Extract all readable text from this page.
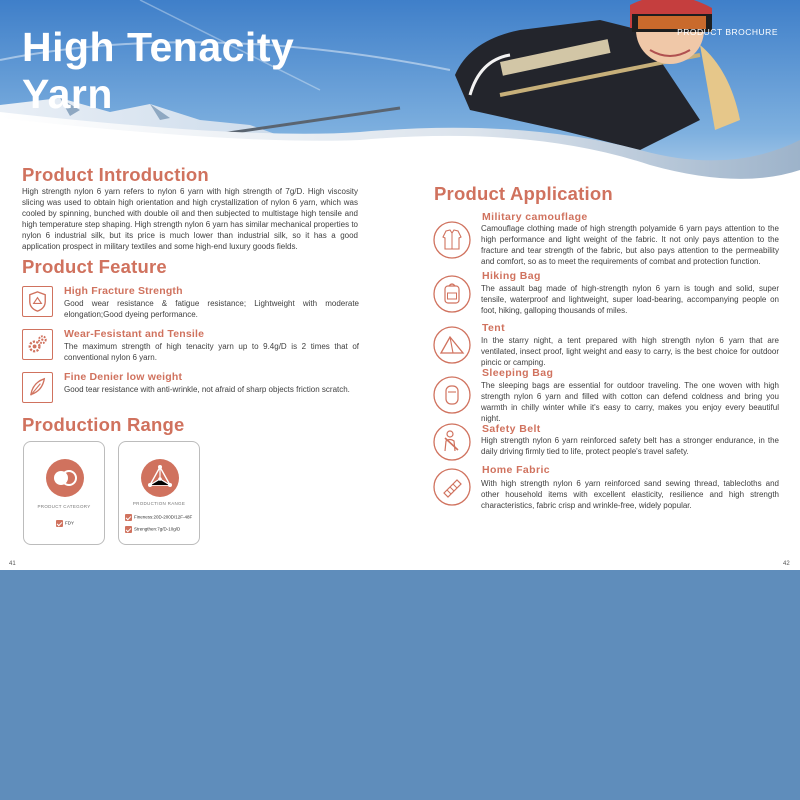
High Tenacity
Yarn
PRODUCT BROCHURE
Product Introduction
High strength nylon 6 yarn refers to nylon 6 yarn with high strength of 7g/D. High viscosity slicing was used to obtain high orientation and high crystallization of nylon 6 yarn, which was cooled by spinning, bunched with double oil and then subjected to multistage high tensile and high temperature step shaping. High strength nylon 6 yarn has similar mechanical properties to nylon 6 industrial silk, but its price is much lower than industrial silk, so it has a good application prospect in military textiles and some high-end luxury goods fields.
Product Feature
High Fracture Strength

Good wear resistance & fatigue resistance; Lightweight with moderate elongation;Good dyeing performance.

Wear-Fesistant and Tensile

The maximum strength of high tenacity yarn up to 9.4g/D is 2 times that of conventional nylon 6 yarn.

Fine Denier low weight

Good tear resistance with anti-wrinkle, not afraid of sharp objects friction scratch.

Production Range
PRODUCT CATEGORY
FDY
PRODUCTION RANGE
Fineness:20D-200D/12F-48F
Strengthen:7g/D-10g/D
41
Product Application
Military camouflage

Camouflage clothing made of high strength polyamide 6 yarn pays attention to the high performance and light weight of the fabric. It not only pays attention to the fracture and tear strength of the fabric, but also pays attention to the permeability and comfort, so as to meet the requirements of combat and protection function.

Hiking Bag

The assault bag made of high-strength nylon 6 yarn is tough and solid, super tensile, waterproof and lightweight, super load-bearing, accompanying people on foot, hiking, galloping thousands of miles.

Tent

In the starry night, a tent prepared with high strength nylon 6 yarn that are ventilated, insect proof, light weight and easy to carry, is the best choice for outdoor pincic or camping.

Sleeping Bag

The sleeping bags are essential for outdoor traveling. The one woven with high strength nylon 6 yarn and filled with cotton can defend coldness and bring you warmth in chilly winter while it's easy to carry, makes you enjoy every beautiful night.

Safety Belt

High strength nylon 6 yarn reinforced safety belt has a stronger endurance, in the daily driving firmly tied to life, protect people's travel safety.

Home Fabric

With high strength nylon 6 yarn reinforced sand sewing thread, tablecloths and other household items with excellent elasticity, resilience and high strength characteristics, fabric crisp and wrinkle-free, widely popular.

42
